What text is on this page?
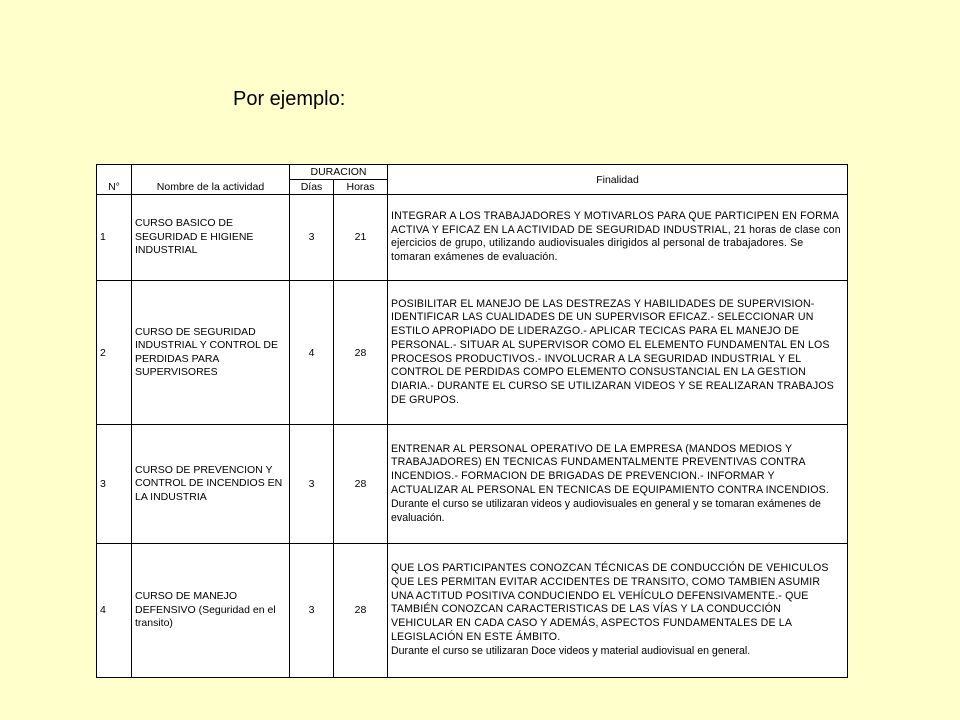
Por ejemplo:
N°	Nombre de la actividad	DURACION		Finalidad
		Días	Horas	
1	CURSO BASICO DE SEGURIDAD E HIGIENE INDUSTRIAL	3	21	INTEGRAR A LOS TRABAJADORES Y MOTIVARLOS PARA QUE PARTICIPEN EN FORMA ACTIVA Y EFICAZ EN LA ACTIVIDAD DE SEGURIDAD INDUSTRIAL, 21 horas de clase con ejercicios de grupo, utilizando audiovisuales dirigidos al personal de trabajadores. Se tomaran exámenes de evaluación.

2	CURSO DE SEGURIDAD INDUSTRIAL Y CONTROL DE PERDIDAS PARA SUPERVISORES	4	28	POSIBILITAR EL MANEJO DE LAS DESTREZAS Y HABILIDADES DE SUPERVISION-IDENTIFICAR LAS CUALIDADES DE UN SUPERVISOR EFICAZ.- SELECCIONAR UN ESTILO APROPIADO DE LIDERAZGO.- APLICAR TECICAS PARA EL MANEJO DE PERSONAL.- SITUAR AL SUPERVISOR COMO EL ELEMENTO FUNDAMENTAL EN LOS PROCESOS PRODUCTIVOS.- INVOLUCRAR A LA SEGURIDAD INDUSTRIAL Y EL CONTROL DE PERDIDAS COMPO ELEMENTO CONSUSTANCIAL EN LA GESTION DIARIA.- DURANTE EL CURSO SE UTILIZARAN VIDEOS Y SE REALIZARAN TRABAJOS DE GRUPOS.

3	CURSO DE PREVENCION Y CONTROL DE INCENDIOS EN LA INDUSTRIA	3	28	ENTRENAR AL PERSONAL OPERATIVO DE LA EMPRESA (MANDOS MEDIOS Y TRABAJADORES) EN TECNICAS FUNDAMENTALMENTE PREVENTIVAS CONTRA INCENDIOS.- FORMACION DE BRIGADAS DE PREVENCION.- INFORMAR Y ACTUALIZAR AL PERSONAL EN TECNICAS DE EQUIPAMIENTO CONTRA INCENDIOS.
Durante el curso se utilizaran videos y audiovisuales en general y se tomaran exámenes de evaluación.

4	CURSO DE MANEJO DEFENSIVO (Seguridad en el transito)	3	28	QUE LOS PARTICIPANTES CONOZCAN TÉCNICAS DE CONDUCCIÓN DE VEHICULOS QUE LES PERMITAN EVITAR ACCIDENTES DE TRANSITO, COMO TAMBIEN ASUMIR UNA ACTITUD POSITIVA CONDUCIENDO EL VEHÍCULO DEFENSIVAMENTE.- QUE TAMBIÉN CONOZCAN CARACTERISTICAS DE LAS VÍAS Y LA CONDUCCIÓN VEHICULAR EN CADA CASO Y ADEMÁS, ASPECTOS FUNDAMENTALES DE LA LEGISLACIÓN EN ESTE ÁMBITO.
Durante el curso se utilizaran Doce videos y material audiovisual en general.
